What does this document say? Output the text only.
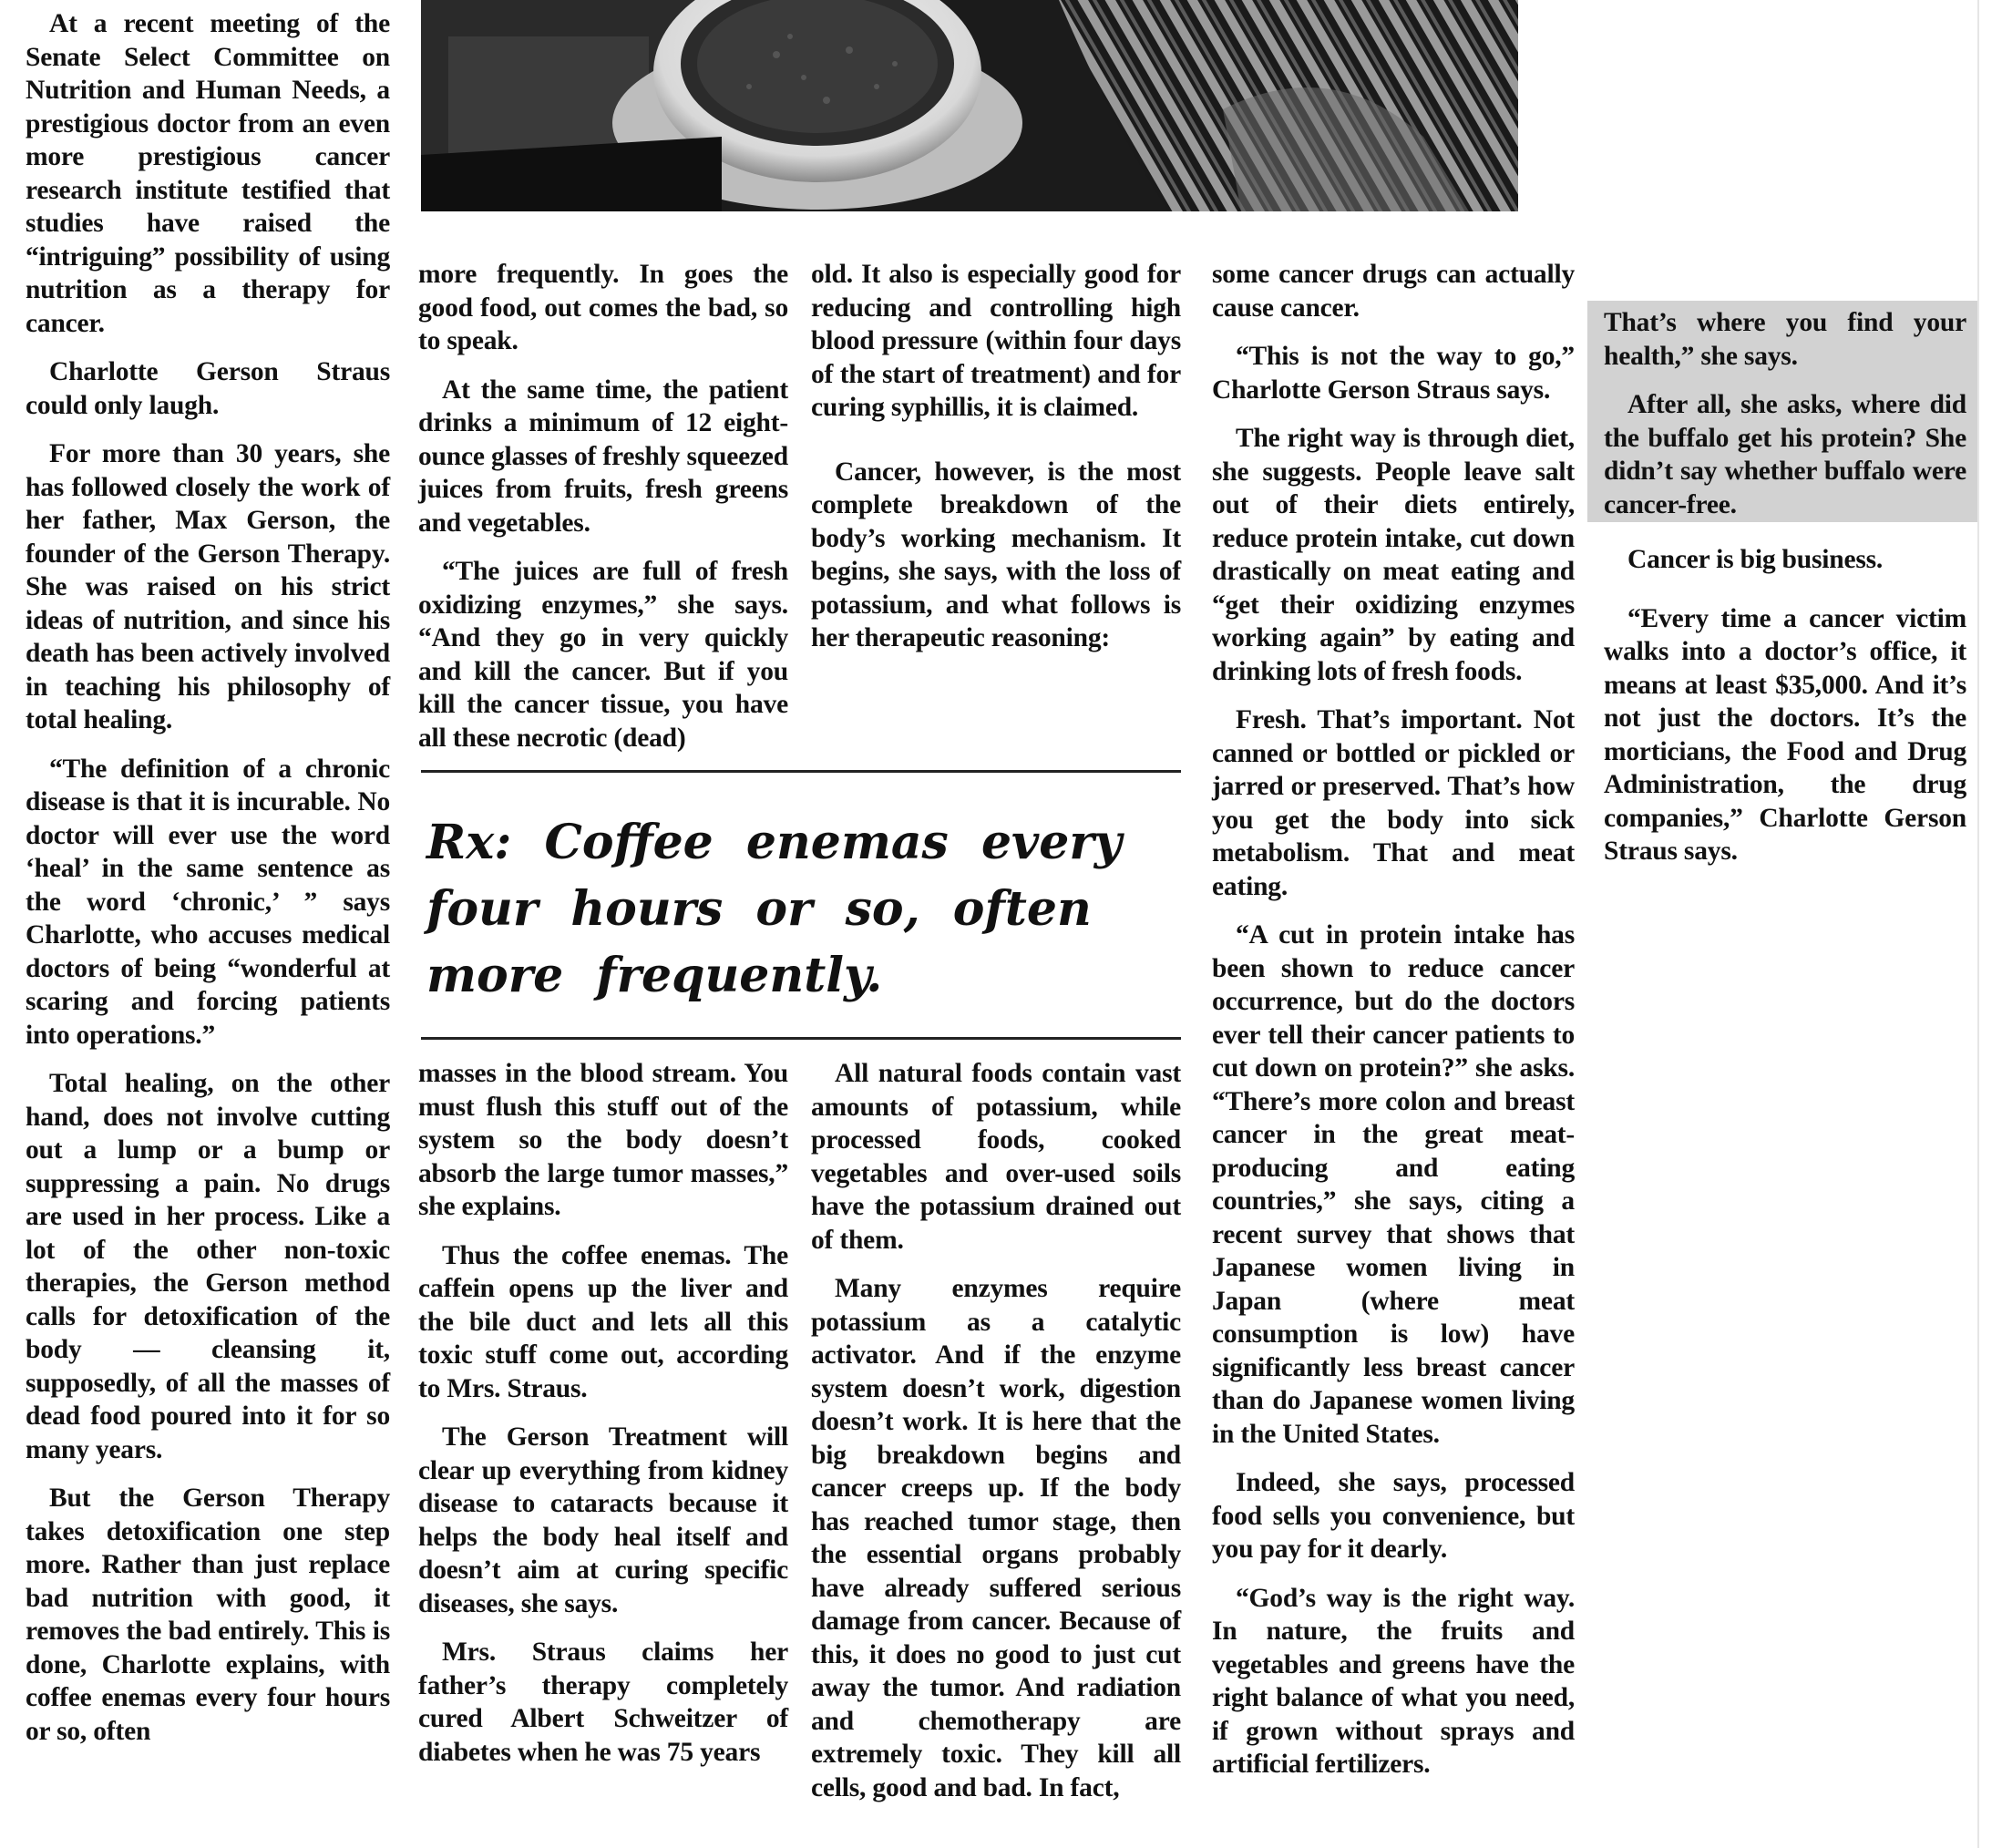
At a recent meeting of the Senate Select Committee on Nutrition and Human Needs, a prestigious doctor from an even more prestigious cancer research institute testified that studies have raised the “intriguing” possibility of using nutrition as a therapy for cancer.

Charlotte Gerson Straus could only laugh.

For more than 30 years, she has followed closely the work of her father, Max Gerson, the founder of the Gerson Therapy. She was raised on his strict ideas of nutrition, and since his death has been actively involved in teaching his philosophy of total healing.

“The definition of a chronic disease is that it is incurable. No doctor will ever use the word ‘heal’ in the same sentence as the word ‘chronic,’ ” says Charlotte, who accuses medical doctors of being “wonderful at scaring and forcing patients into operations.”

Total healing, on the other hand, does not involve cutting out a lump or a bump or suppressing a pain. No drugs are used in her process. Like a lot of the other non-toxic therapies, the Gerson method calls for detoxification of the body — cleansing it, supposedly, of all the masses of dead food poured into it for so many years.

But the Gerson Therapy takes detoxification one step more. Rather than just replace bad nutrition with good, it removes the bad entirely. This is done, Charlotte explains, with coffee enemas every four hours or so, often

more frequently. In goes the good food, out comes the bad, so to speak.

At the same time, the patient drinks a minimum of 12 eight-ounce glasses of freshly squeezed juices from fruits, fresh greens and vegetables.

“The juices are full of fresh oxidizing enzymes,” she says. “And they go in very quickly and kill the cancer. But if you kill the cancer tissue, you have all these necrotic (dead)

old. It also is especially good for reducing and controlling high blood pressure (within four days of the start of treatment) and for curing syphillis, it is claimed.

Cancer, however, is the most complete breakdown of the body’s working mechanism. It begins, she says, with the loss of potassium, and what follows is her therapeutic reasoning:

Rx: Coffee enemas every four hours or so, often more frequently.

masses in the blood stream. You must flush this stuff out of the system so the body doesn’t absorb the large tumor masses,” she explains.

Thus the coffee enemas. The caffein opens up the liver and the bile duct and lets all this toxic stuff come out, according to Mrs. Straus.

The Gerson Treatment will clear up everything from kidney disease to cataracts because it helps the body heal itself and doesn’t aim at curing specific diseases, she says.

Mrs. Straus claims her father’s therapy completely cured Albert Schweitzer of diabetes when he was 75 years

All natural foods contain vast amounts of potassium, while processed foods, cooked vegetables and over-used soils have the potassium drained out of them.

Many enzymes require potassium as a catalytic activator. And if the enzyme system doesn’t work, digestion doesn’t work. It is here that the big breakdown begins and cancer creeps up. If the body has reached tumor stage, then the essential organs probably have already suffered serious damage from cancer. Because of this, it does no good to just cut away the tumor. And radiation and chemotherapy are extremely toxic. They kill all cells, good and bad. In fact,

some cancer drugs can actually cause cancer.

“This is not the way to go,” Charlotte Gerson Straus says.

The right way is through diet, she suggests. People leave salt out of their diets entirely, reduce protein intake, cut down drastically on meat eating and “get their oxidizing enzymes working again” by eating and drinking lots of fresh foods.

Fresh. That’s important. Not canned or bottled or pickled or jarred or preserved. That’s how you get the body into sick metabolism. That and meat eating.

“A cut in protein intake has been shown to reduce cancer occurrence, but do the doctors ever tell their cancer patients to cut down on protein?” she asks. “There’s more colon and breast cancer in the great meat-producing and eating countries,” she says, citing a recent survey that shows that Japanese women living in Japan (where meat consumption is low) have significantly less breast cancer than do Japanese women living in the United States.

Indeed, she says, processed food sells you convenience, but you pay for it dearly.

“God’s way is the right way. In nature, the fruits and vegetables and greens have the right balance of what you need, if grown without sprays and artificial fertilizers.

That’s where you find your health,” she says.

After all, she asks, where did the buffalo get his protein? She didn’t say whether buffalo were cancer-free.

Cancer is big business.

“Every time a cancer victim walks into a doctor’s office, it means at least $35,000. And it’s not just the doctors. It’s the morticians, the Food and Drug Administration, the drug companies,” Charlotte Gerson Straus says.
